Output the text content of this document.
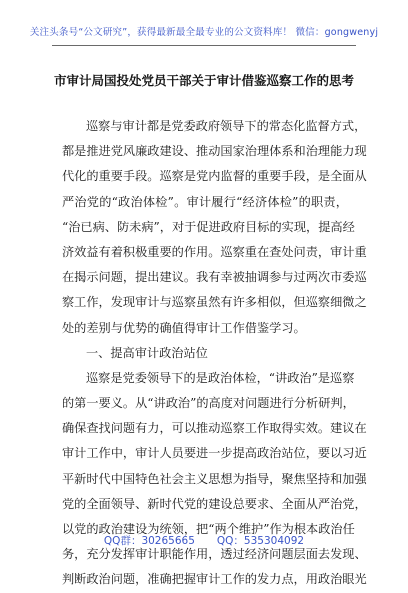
关注头条号“公文研究”，获得最新最全最专业的公文资料库！ 微信：gongwenyj
市审计局国投处党员干部关于审计借鉴巡察工作的思考
巡察与审计都是党委政府领导下的常态化监督方式，
都是推进党风廉政建设、推动国家治理体系和治理能力现
代化的重要手段。巡察是党内监督的重要手段，是全面从
严治党的“政治体检”。审计履行“经济体检”的职责，
“治已病、防未病”，对于促进政府目标的实现，提高经
济效益有着积极重要的作用。巡察重在查处问责，审计重
在揭示问题，提出建议。我有幸被抽调参与过两次市委巡
察工作，发现审计与巡察虽然有许多相似，但巡察细微之
处的差别与优势的确值得审计工作借鉴学习。
一、提高审计政治站位
巡察是党委领导下的是政治体检，“讲政治”是巡察
的第一要义。从“讲政治”的高度对问题进行分析研判，
确保查找问题有力，可以推动巡察工作取得实效。建议在
审计工作中，审计人员要进一步提高政治站位，要以习近
平新时代中国特色社会主义思想为指导，聚焦坚持和加强
党的全面领导、新时代党的建设总要求、全面从严治党，
以党的政治建设为统领，把“两个维护”作为根本政治任
务，充分发挥审计职能作用，透过经济问题层面去发现、
判断政治问题，准确把握审计工作的发力点，用政治眼光
QQ群：30265665 QQ：535304092
